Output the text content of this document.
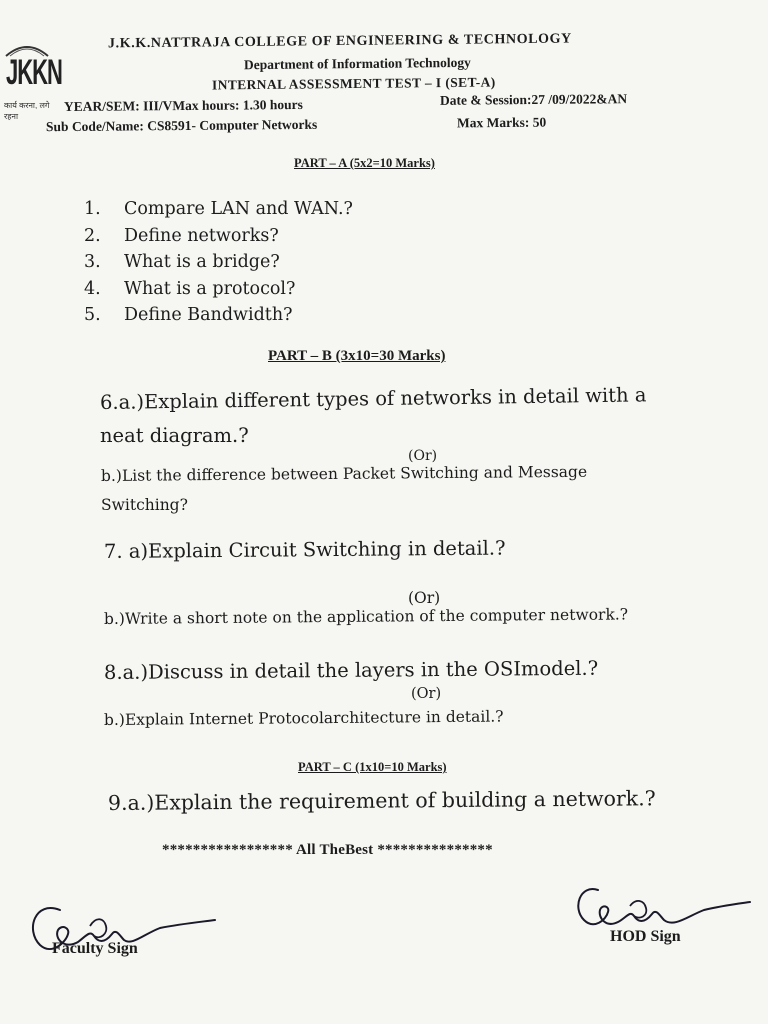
JKKN
कार्य करना, लगे रहना
J.K.K.NATTRAJA COLLEGE OF ENGINEERING & TECHNOLOGY
Department of Information Technology
INTERNAL ASSESSMENT TEST – I (SET-A)
YEAR/SEM: III/VMax hours: 1.30 hours	Date & Session:27 /09/2022&AN
Sub Code/Name: CS8591- Computer Networks	Max Marks: 50
PART – A (5x2=10 Marks)
1. Compare LAN and WAN.?
2. Define networks?
3. What is a bridge?
4. What is a protocol?
5. Define Bandwidth?
PART – B (3x10=30 Marks)
6.a.)Explain different types of networks in detail with a
neat diagram.?
(Or)
b.)List the difference between Packet Switching and Message
Switching?
7. a)Explain Circuit Switching in detail.?
(Or)
b.)Write a short note on the application of the computer network.?
8.a.)Discuss in detail the layers in the OSImodel.?
(Or)
b.)Explain Internet Protocolarchitecture in detail.?
PART – C (1x10=10 Marks)
9.a.)Explain the requirement of building a network.?
***************** All TheBest ***************
Faculty Sign
HOD Sign
